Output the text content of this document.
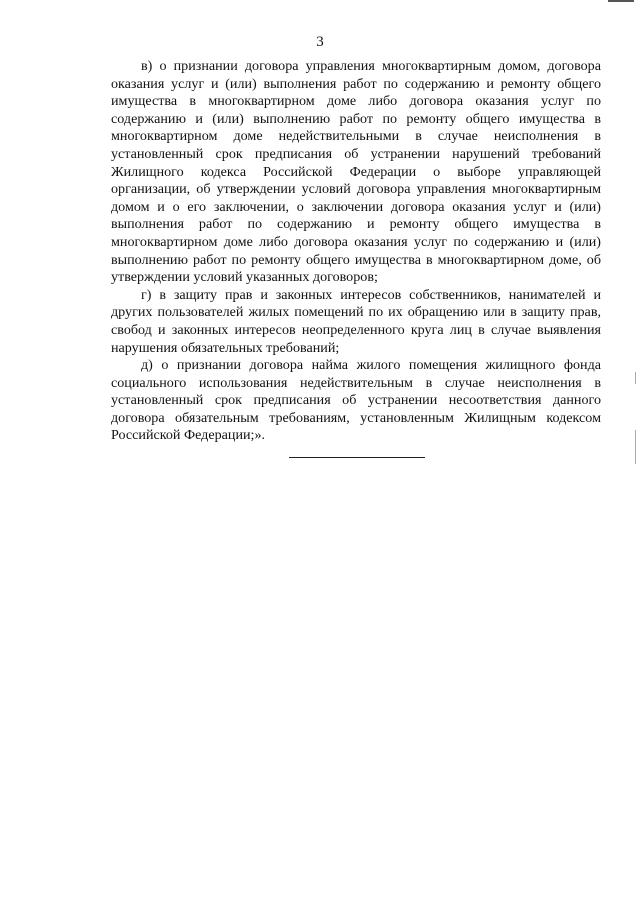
3

в) о признании договора управления многоквартирным домом, договора оказания услуг и (или) выполнения работ по содержанию и ремонту общего имущества в многоквартирном доме либо договора оказания услуг по содержанию и (или) выполнению работ по ремонту общего имущества в многоквартирном доме недействительными в случае неисполнения в установленный срок предписания об устранении нарушений требований Жилищного кодекса Российской Федерации о выборе управляющей организации, об утверждении условий договора управления многоквартирным домом и о его заключении, о заключении договора оказания услуг и (или) выполнения работ по содержанию и ремонту общего имущества в многоквартирном доме либо договора оказания услуг по содержанию и (или) выполнению работ по ремонту общего имущества в многоквартирном доме, об утверждении условий указанных договоров;

г) в защиту прав и законных интересов собственников, нанимателей и других пользователей жилых помещений по их обращению или в защиту прав, свобод и законных интересов неопределенного круга лиц в случае выявления нарушения обязательных требований;

д) о признании договора найма жилого помещения жилищного фонда социального использования недействительным в случае неисполнения в установленный срок предписания об устранении несоответствия данного договора обязательным требованиям, установленным Жилищным кодексом Российской Федерации;».
